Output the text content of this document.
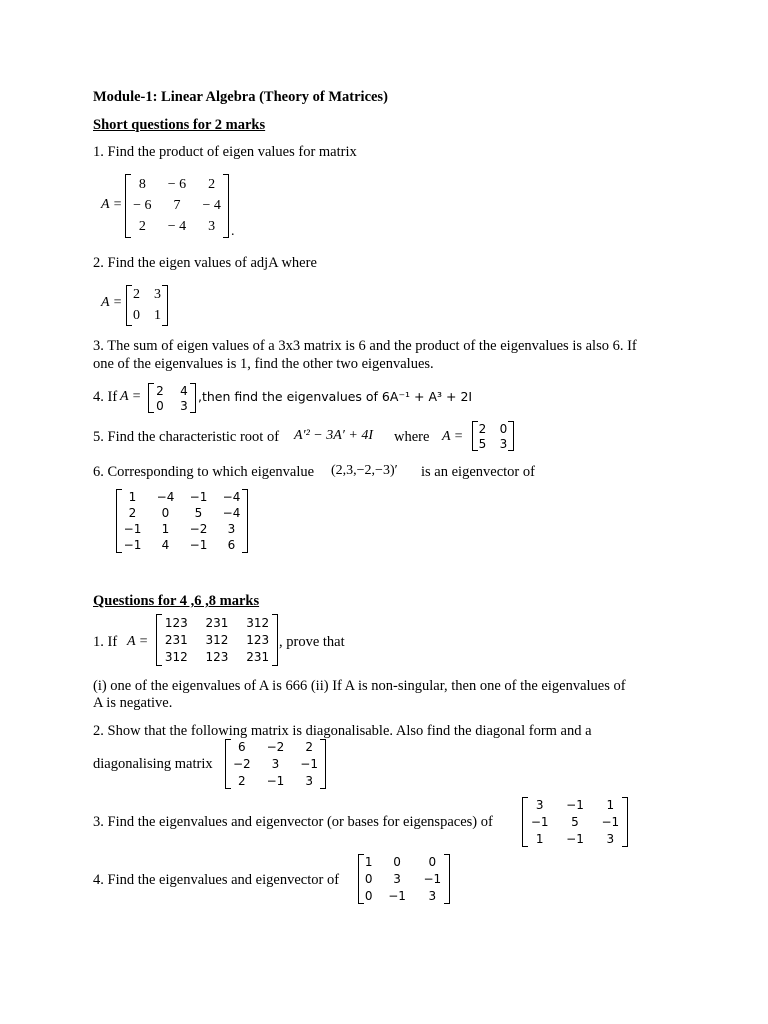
Module-1: Linear Algebra (Theory of Matrices)
Short questions for 2 marks
1. Find the product of eigen values for matrix
A =
8	− 6	2
− 6	7	− 4
2	− 4	3 .
2. Find the eigen values of adjA where
A =
2	3
0	1
3. The sum of eigen values of a 3x3 matrix is 6 and the product of the eigenvalues is also 6. If
one of the eigenvalues is 1, find the other two eigenvalues.
4. If A = 2	4
0	3
,then find the eigenvalues of 6A⁻¹ + A³ + 2I
5. Find the characteristic root of A′² − 3A′ + 4I where A =
2	0
5	3
6. Corresponding to which eigenvalue (2,3,−2,−3)′ is an eigenvector of
1	−4	−1	−4
2	0	5	−4
−1	1	−2	3
−1	4	−1	6
Questions for 4 ,6 ,8 marks
1. If A =
123	231	312
231	312	123
312	123	231
, prove that
(i) one of the eigenvalues of A is 666 (ii) If A is non-singular, then one of the eigenvalues of
A is negative.
2. Show that the following matrix is diagonalisable. Also find the diagonal form and a
diagonalising matrix
6	−2	2
−2	3	−1
2	−1	3
3. Find the eigenvalues and eigenvector (or bases for eigenspaces) of
3	−1	1
−1	5	−1
1	−1	3
4. Find the eigenvalues and eigenvector of
1	0	0
0	3	−1
0	−1	3
